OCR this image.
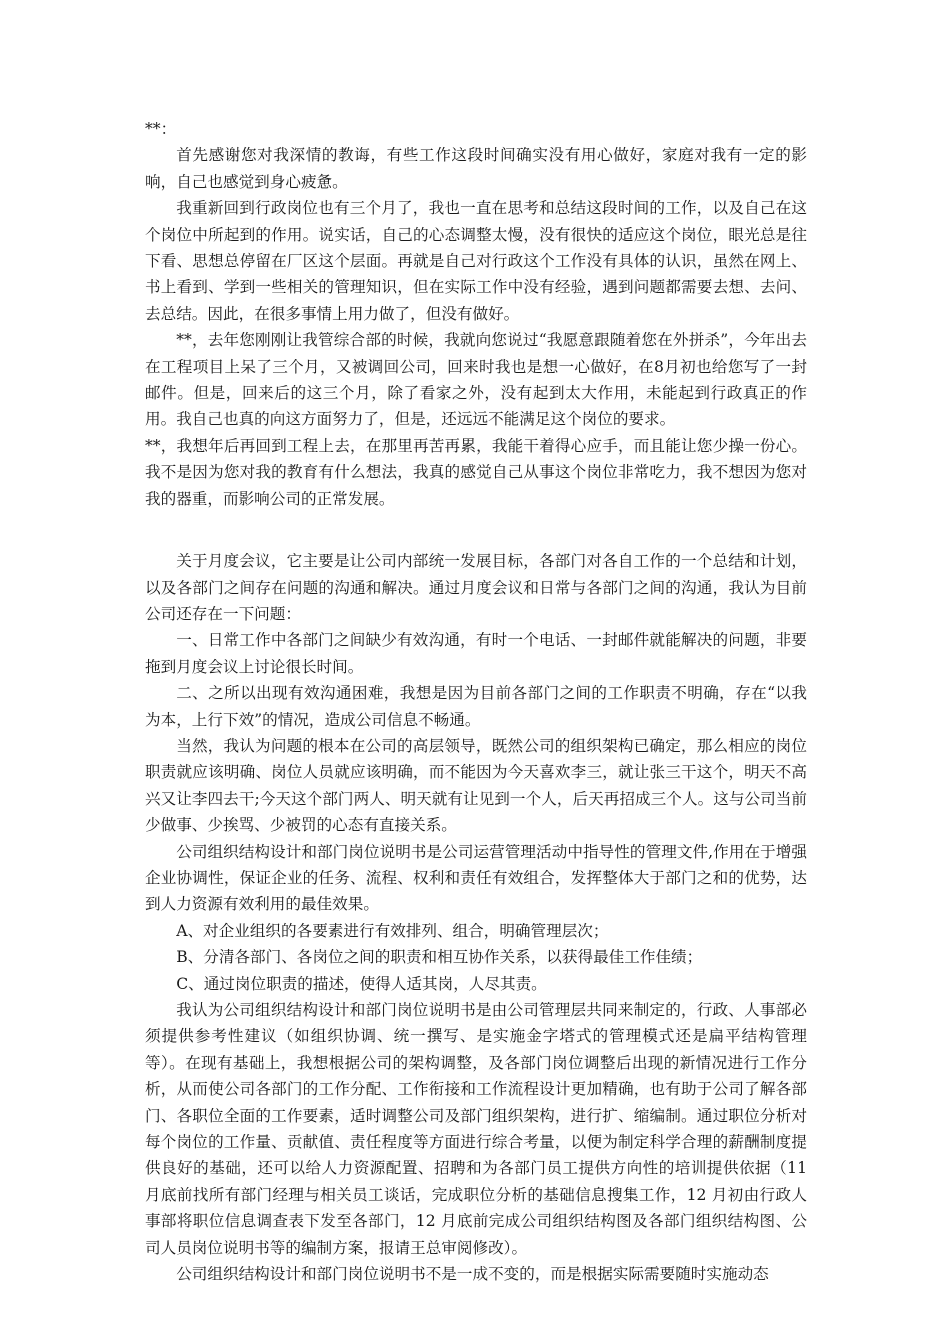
**：

首先感谢您对我深情的教诲，有些工作这段时间确实没有用心做好，家庭对我有一定的影响，自己也感觉到身心疲惫。

我重新回到行政岗位也有三个月了，我也一直在思考和总结这段时间的工作，以及自己在这个岗位中所起到的作用。说实话，自己的心态调整太慢，没有很快的适应这个岗位，眼光总是往下看、思想总停留在厂区这个层面。再就是自己对行政这个工作没有具体的认识，虽然在网上、书上看到、学到一些相关的管理知识，但在实际工作中没有经验，遇到问题都需要去想、去问、去总结。因此，在很多事情上用力做了，但没有做好。

**，去年您刚刚让我管综合部的时候，我就向您说过“我愿意跟随着您在外拼杀”，今年出去在工程项目上呆了三个月，又被调回公司，回来时我也是想一心做好，在8月初也给您写了一封邮件。但是，回来后的这三个月，除了看家之外，没有起到太大作用，未能起到行政真正的作用。我自己也真的向这方面努力了，但是，还远远不能满足这个岗位的要求。

**，我想年后再回到工程上去，在那里再苦再累，我能干着得心应手，而且能让您少操一份心。我不是因为您对我的教育有什么想法，我真的感觉自己从事这个岗位非常吃力，我不想因为您对我的器重，而影响公司的正常发展。

关于月度会议，它主要是让公司内部统一发展目标，各部门对各自工作的一个总结和计划，以及各部门之间存在问题的沟通和解决。通过月度会议和日常与各部门之间的沟通，我认为目前公司还存在一下问题：

一、日常工作中各部门之间缺少有效沟通，有时一个电话、一封邮件就能解决的问题，非要拖到月度会议上讨论很长时间。

二、之所以出现有效沟通困难，我想是因为目前各部门之间的工作职责不明确，存在“以我为本，上行下效”的情况，造成公司信息不畅通。

当然，我认为问题的根本在公司的高层领导，既然公司的组织架构已确定，那么相应的岗位职责就应该明确、岗位人员就应该明确，而不能因为今天喜欢李三，就让张三干这个，明天不高兴又让李四去干;今天这个部门两人、明天就有让见到一个人，后天再招成三个人。这与公司当前少做事、少挨骂、少被罚的心态有直接关系。

公司组织结构设计和部门岗位说明书是公司运营管理活动中指导性的管理文件,作用在于增强企业协调性，保证企业的任务、流程、权利和责任有效组合，发挥整体大于部门之和的优势，达到人力资源有效利用的最佳效果。

A、对企业组织的各要素进行有效排列、组合，明确管理层次；

B、分清各部门、各岗位之间的职责和相互协作关系，以获得最佳工作佳绩；

C、通过岗位职责的描述，使得人适其岗，人尽其责。

我认为公司组织结构设计和部门岗位说明书是由公司管理层共同来制定的，行政、人事部必须提供参考性建议（如组织协调、统一撰写、是实施金字塔式的管理模式还是扁平结构管理等）。在现有基础上，我想根据公司的架构调整，及各部门岗位调整后出现的新情况进行工作分析，从而使公司各部门的工作分配、工作衔接和工作流程设计更加精确，也有助于公司了解各部门、各职位全面的工作要素，适时调整公司及部门组织架构，进行扩、缩编制。通过职位分析对每个岗位的工作量、贡献值、责任程度等方面进行综合考量，以便为制定科学合理的薪酬制度提供良好的基础，还可以给人力资源配置、招聘和为各部门员工提供方向性的培训提供依据（11 月底前找所有部门经理与相关员工谈话，完成职位分析的基础信息搜集工作，12 月初由行政人事部将职位信息调查表下发至各部门，12 月底前完成公司组织结构图及各部门组织结构图、公司人员岗位说明书等的编制方案，报请王总审阅修改）。

公司组织结构设计和部门岗位说明书不是一成不变的，而是根据实际需要随时实施动态
